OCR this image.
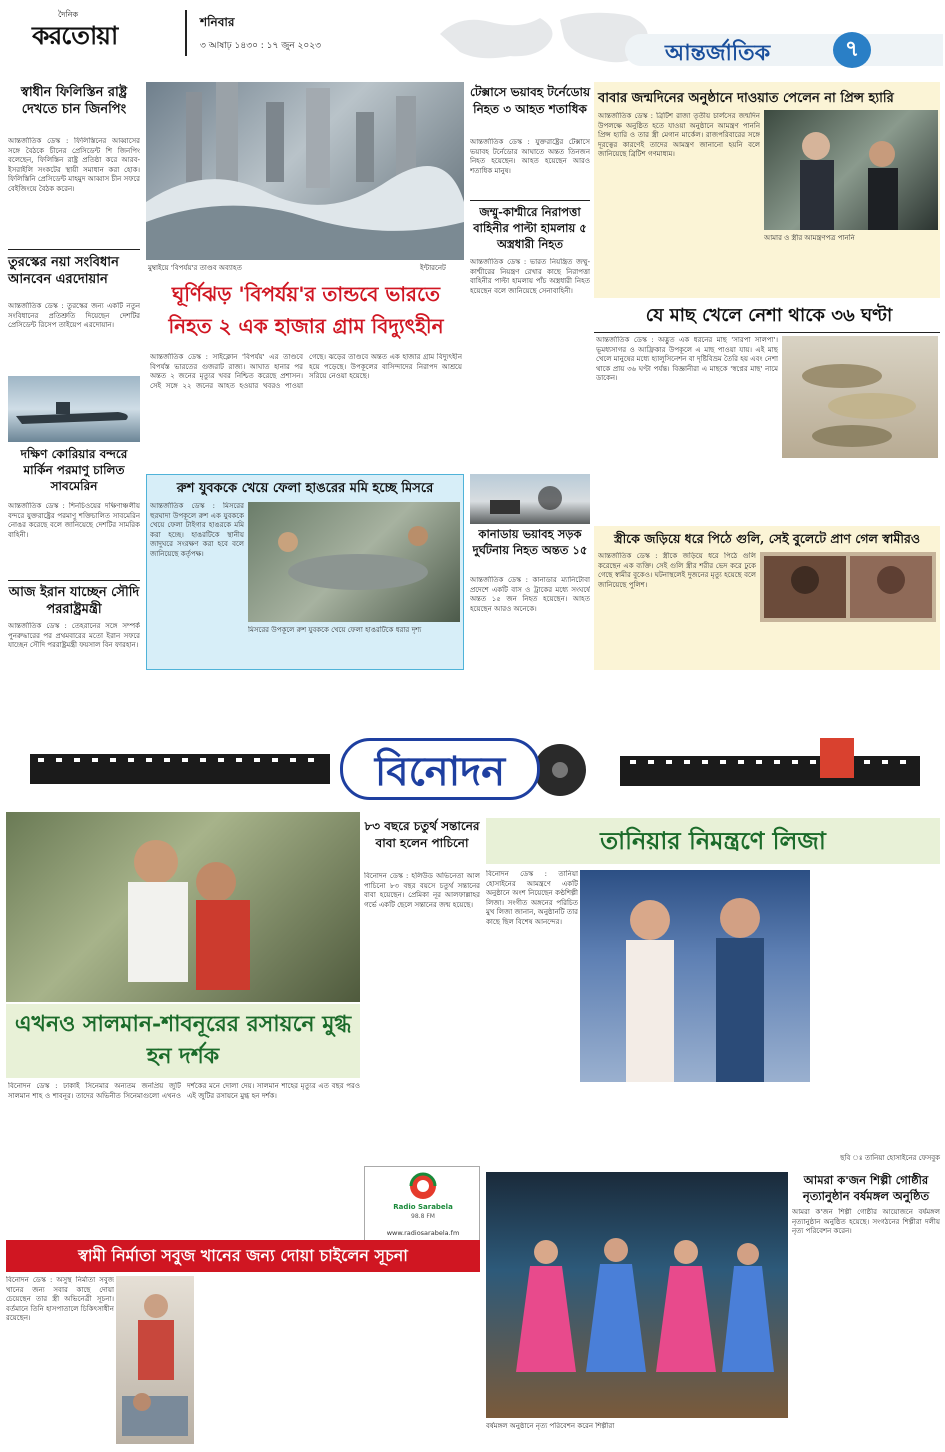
দৈনিক
করতোয়া	শনিবার
৩ আষাঢ় ১৪৩০ : ১৭ জুন ২০২৩	আন্তর্জাতিক	৭
স্বাধীন ফিলিস্তিন রাষ্ট্র দেখতে চান জিনপিং
আন্তর্জাতিক ডেস্ক : ফিলিস্তিনের আব্বাসের সঙ্গে বৈঠকে চীনের প্রেসিডেন্ট শি জিনপিং বলেছেন, ফিলিস্তিন রাষ্ট্র প্রতিষ্ঠা করে আরব-ইসরাইলি সংকটের স্থায়ী সমাধান করা হোক। ফিলিস্তিনি প্রেসিডেন্ট মাহমুদ আব্বাস চীন সফরে বেইজিংয়ে বৈঠক করেন।
তুরস্কের নয়া সংবিধান আনবেন এরদোয়ান
আন্তর্জাতিক ডেস্ক : তুরস্কের জন্য একটি নতুন সংবিধানের প্রতিশ্রুতি দিয়েছেন দেশটির প্রেসিডেন্ট রিসেপ তাইয়েপ এরদোয়ান।
দক্ষিণ কোরিয়ার বন্দরে মার্কিন পরমাণু চালিত সাবমেরিন
আন্তর্জাতিক ডেস্ক : শিনচিওয়ের দক্ষিণাঞ্চলীয় বন্দরে যুক্তরাষ্ট্রের পরমাণু শক্তিচালিত সাবমেরিন নোঙর করেছে বলে জানিয়েছে দেশটির সামরিক বাহিনী।
আজ ইরান যাচ্ছেন সৌদি পররাষ্ট্রমন্ত্রী
আন্তর্জাতিক ডেস্ক : তেহরানের সঙ্গে সম্পর্ক পুনরুদ্ধারের পর প্রথমবারের মতো ইরান সফরে যাচ্ছেন সৌদি পররাষ্ট্রমন্ত্রী ফয়সাল বিন ফারহান।
মুম্বাইয়ে 'বিপর্যয়'র তাণ্ডব অব্যাহত	ইন্টারনেট
ঘূর্ণিঝড় 'বিপর্যয়'র তান্ডবে ভারতে নিহত ২ এক হাজার গ্রাম বিদ্যুৎহীন
আন্তর্জাতিক ডেস্ক : সাইক্লোন 'বিপর্যয়' এর তাণ্ডবে বিপর্যস্ত ভারতের গুজরাট রাজ্য। আঘাত হানার পর অন্তত ২ জনের মৃত্যুর খবর নিশ্চিত করেছে প্রশাসন। সেই সঙ্গে ২২ জনের আহত হওয়ার খবরও পাওয়া গেছে। ঝড়ের তাণ্ডবে অন্তত এক হাজার গ্রাম বিদ্যুৎহীন হয়ে পড়েছে। উপকূলের বাসিন্দাদের নিরাপদ আশ্রয়ে সরিয়ে নেওয়া হয়েছে।
টেক্সাসে ভয়াবহ টর্নেডোয় নিহত ৩ আহত শতাধিক
আন্তর্জাতিক ডেস্ক : যুক্তরাষ্ট্রের টেক্সাসে ভয়াবহ টর্নেডোর আঘাতে অন্তত তিনজন নিহত হয়েছেন। আহত হয়েছেন আরও শতাধিক মানুষ।
জম্মু-কাশ্মীরে নিরাপত্তা বাহিনীর পাল্টা হামলায় ৫ অস্ত্রধারী নিহত
আন্তর্জাতিক ডেস্ক : ভারত নিয়ন্ত্রিত জম্মু-কাশ্মীরের নিয়ন্ত্রণ রেখার কাছে নিরাপত্তা বাহিনীর পাল্টা হামলায় পাঁচ অস্ত্রধারী নিহত হয়েছেন বলে জানিয়েছে সেনাবাহিনী।
বাবার জন্মদিনের অনুষ্ঠানে দাওয়াত পেলেন না প্রিন্স হ্যারি
আন্তর্জাতিক ডেস্ক : ব্রিটিশ রাজা তৃতীয় চার্লসের জন্মদিন উপলক্ষে অনুষ্ঠিত হতে যাওয়া অনুষ্ঠানে আমন্ত্রণ পাননি প্রিন্স হ্যারি ও তার স্ত্রী মেগান মার্কেল। রাজপরিবারের সঙ্গে দূরত্বের কারণেই তাদের আমন্ত্রণ জানানো হয়নি বলে জানিয়েছে ব্রিটিশ গণমাধ্যম।
আমার ও স্ত্রীর আমন্ত্রণপত্র পাননি
যে মাছ খেলে নেশা থাকে ৩৬ ঘণ্টা
আন্তর্জাতিক ডেস্ক : অদ্ভুত এক ধরনের মাছ 'সারপা সালপা'। ভূমধ্যসাগর ও আফ্রিকার উপকূলে এ মাছ পাওয়া যায়। এই মাছ খেলে মানুষের মধ্যে হ্যালুসিনেশন বা দৃষ্টিবিভ্রম তৈরি হয় এবং নেশা থাকে প্রায় ৩৬ ঘণ্টা পর্যন্ত। বিজ্ঞানীরা এ মাছকে 'স্বপ্নের মাছ' নামে ডাকেন।
রুশ যুবককে খেয়ে ফেলা হাঙরের মমি হচ্ছে মিসরে
আন্তর্জাতিক ডেস্ক : মিসরের হুরঘাদা উপকূলে রুশ এক যুবককে খেয়ে ফেলা টাইগার হাঙরকে মমি করা হচ্ছে। হাঙরটিকে স্থানীয় জাদুঘরে সংরক্ষণ করা হবে বলে জানিয়েছে কর্তৃপক্ষ।
মিসরের উপকূলে রুশ যুবককে খেয়ে ফেলা হাঙরটিকে ধরার দৃশ্য
কানাডায় ভয়াবহ সড়ক দুর্ঘটনায় নিহত অন্তত ১৫
আন্তর্জাতিক ডেস্ক : কানাডার ম্যানিটোবা প্রদেশে একটি বাস ও ট্রাকের মধ্যে সংঘর্ষে অন্তত ১৫ জন নিহত হয়েছেন। আহত হয়েছেন আরও অনেকে।
স্ত্রীকে জড়িয়ে ধরে পিঠে গুলি, সেই বুলেটে প্রাণ গেল স্বামীরও
আন্তর্জাতিক ডেস্ক : স্ত্রীকে জড়িয়ে ধরে পিঠে গুলি করেছেন এক ব্যক্তি। সেই গুলি স্ত্রীর শরীর ভেদ করে ঢুকে গেছে স্বামীর বুকেও। ঘটনাস্থলেই দুজনের মৃত্যু হয়েছে বলে জানিয়েছে পুলিশ।
বিনোদন
৮৩ বছরে চতুর্থ সন্তানের বাবা হলেন পাচিনো
বিনোদন ডেস্ক : হলিউড অভিনেতা আল পাচিনো ৮৩ বছর বয়সে চতুর্থ সন্তানের বাবা হয়েছেন। প্রেমিকা নূর আলফাল্লাহর গর্ভে একটি ছেলে সন্তানের জন্ম হয়েছে।
এখনও সালমান-শাবনূরের রসায়নে মুগ্ধ হন দর্শক
বিনোদন ডেস্ক : ঢাকাই সিনেমার অন্যতম জনপ্রিয় জুটি সালমান শাহ ও শাবনূর। তাদের অভিনীত সিনেমাগুলো এখনও দর্শকের মনে দোলা দেয়। সালমান শাহের মৃত্যুর এত বছর পরও এই জুটির রসায়নে মুগ্ধ হন দর্শক।
তানিয়ার নিমন্ত্রণে লিজা
বিনোদন ডেস্ক : তানিয়া হোসাইনের আমন্ত্রণে একটি অনুষ্ঠানে অংশ নিয়েছেন কণ্ঠশিল্পী লিজা। সংগীত অঙ্গনের পরিচিত মুখ লিজা জানান, অনুষ্ঠানটি তার কাছে ছিল বিশেষ আনন্দের।
ছবি ঃ তানিয়া হোসাইনের ফেসবুক
Radio Sarabela
98.8 FM
www.radiosarabela.fm
আমরা ক'জন শিল্পী গোষ্ঠীর নৃত্যানুষ্ঠান বর্ষমঙ্গল অনুষ্ঠিত
আমরা ক'জন শিল্পী গোষ্ঠীর আয়োজনে বর্ষমঙ্গল নৃত্যানুষ্ঠান অনুষ্ঠিত হয়েছে। সংগঠনের শিল্পীরা দলীয় নৃত্য পরিবেশন করেন।
বর্ষমঙ্গল অনুষ্ঠানে নৃত্য পরিবেশন করেন শিল্পীরা
স্বামী নির্মাতা সবুজ খানের জন্য দোয়া চাইলেন সূচনা
বিনোদন ডেস্ক : অসুস্থ নির্মাতা সবুজ খানের জন্য সবার কাছে দোয়া চেয়েছেন তার স্ত্রী অভিনেত্রী সূচনা। বর্তমানে তিনি হাসপাতালে চিকিৎসাধীন রয়েছেন।
